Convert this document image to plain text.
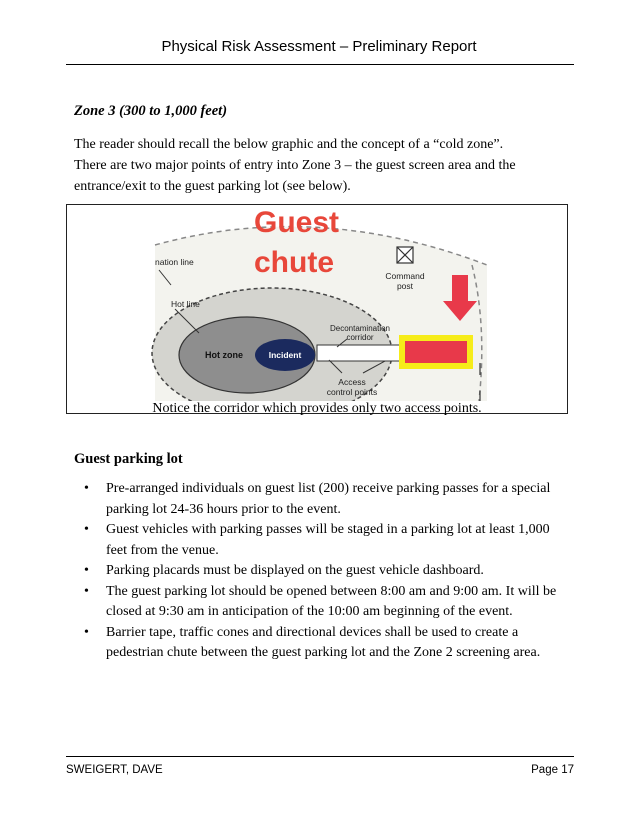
Physical Risk Assessment – Preliminary Report
Zone 3 (300 to 1,000 feet)
The reader should recall the below graphic and the concept of a “cold zone”.
There are two major points of entry into Zone 3 – the guest screen area and the
entrance/exit to the guest parking lot (see below).
Guest
chute
nation line
Hot line
Hot zone	Incident
Command
post
Decontamination
corridor
Access
control points
Notice the corridor which provides only two access points.
Guest parking lot
• Pre-arranged individuals on guest list (200) receive parking passes for a special parking lot 24-36 hours prior to the event.
• Guest vehicles with parking passes will be staged in a parking lot at least 1,000 feet from the venue.
• Parking placards must be displayed on the guest vehicle dashboard.
• The guest parking lot should be opened between 8:00 am and 9:00 am. It will be closed at 9:30 am in anticipation of the 10:00 am beginning of the event.
• Barrier tape, traffic cones and directional devices shall be used to create a pedestrian chute between the guest parking lot and the Zone 2 screening area.
SWEIGERT, DAVE	Page 17
